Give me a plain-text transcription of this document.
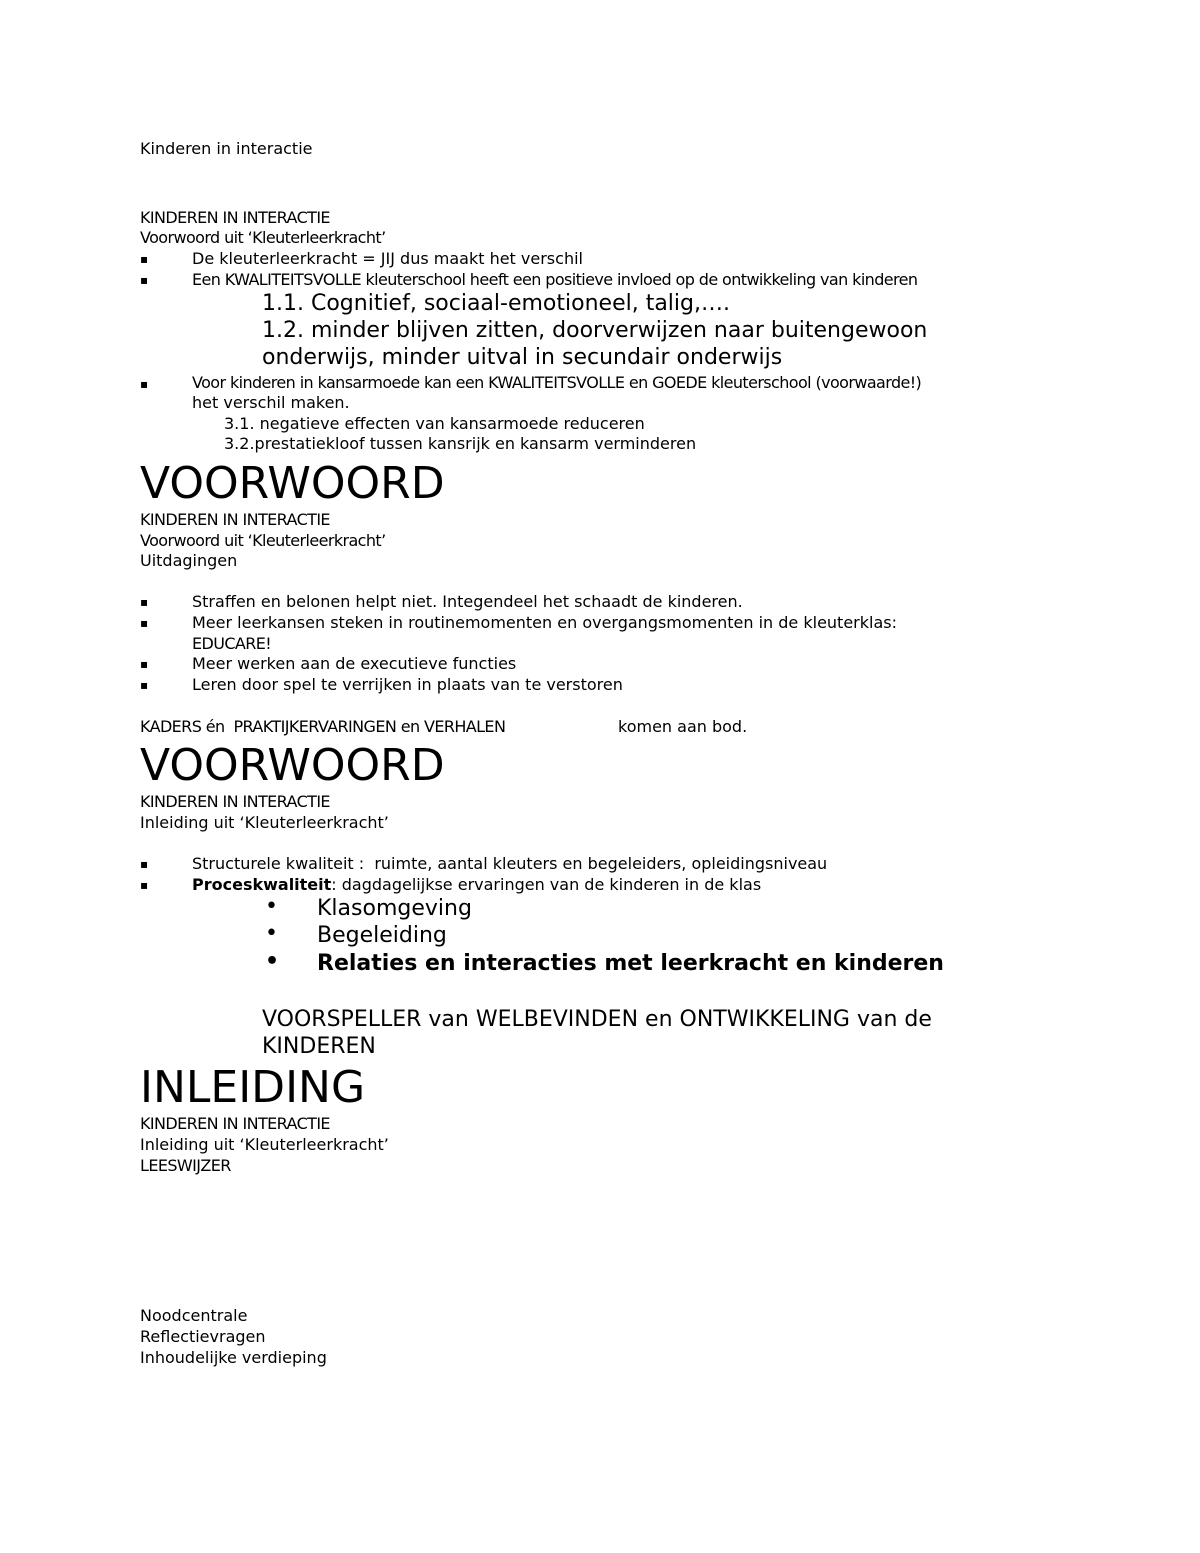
Kinderen in interactie

KINDEREN IN INTERACTIE

Voorwoord uit ‘Kleuterleerkracht’

▪	De kleuterleerkracht = JIJ dus maakt het verschil

▪	Een KWALITEITSVOLLE kleuterschool heeft een positieve invloed op de ontwikkeling van kinderen

1.1. Cognitief, sociaal-emotioneel, talig,….

1.2. minder blijven zitten, doorverwijzen naar buitengewoon

onderwijs, minder uitval in secundair onderwijs

▪	Voor kinderen in kansarmoede kan een KWALITEITSVOLLE en GOEDE kleuterschool (voorwaarde!)

het verschil maken.

3.1. negatieve effecten van kansarmoede reduceren

3.2.prestatiekloof tussen kansrijk en kansarm verminderen

VOORWOORD

KINDEREN IN INTERACTIE

Voorwoord uit ‘Kleuterleerkracht’

Uitdagingen

▪	Straffen en belonen helpt niet. Integendeel het schaadt de kinderen.

▪	Meer leerkansen steken in routinemomenten en overgangsmomenten in de kleuterklas:

EDUCARE!

▪	Meer werken aan de executieve functies

▪	Leren door spel te verrijken in plaats van te verstoren

KADERS én  PRAKTIJKERVARINGEN en VERHALEN	komen aan bod.

VOORWOORD

KINDEREN IN INTERACTIE

Inleiding uit ‘Kleuterleerkracht’

▪	Structurele kwaliteit :  ruimte, aantal kleuters en begeleiders, opleidingsniveau

▪	Proceskwaliteit: dagdagelijkse ervaringen van de kinderen in de klas

• Klasomgeving

• Begeleiding

• Relaties en interacties met leerkracht en kinderen

VOORSPELLER van WELBEVINDEN en ONTWIKKELING van de

KINDEREN

INLEIDING

KINDEREN IN INTERACTIE

Inleiding uit ‘Kleuterleerkracht’

LEESWIJZER

Noodcentrale

Reflectievragen

Inhoudelijke verdieping
